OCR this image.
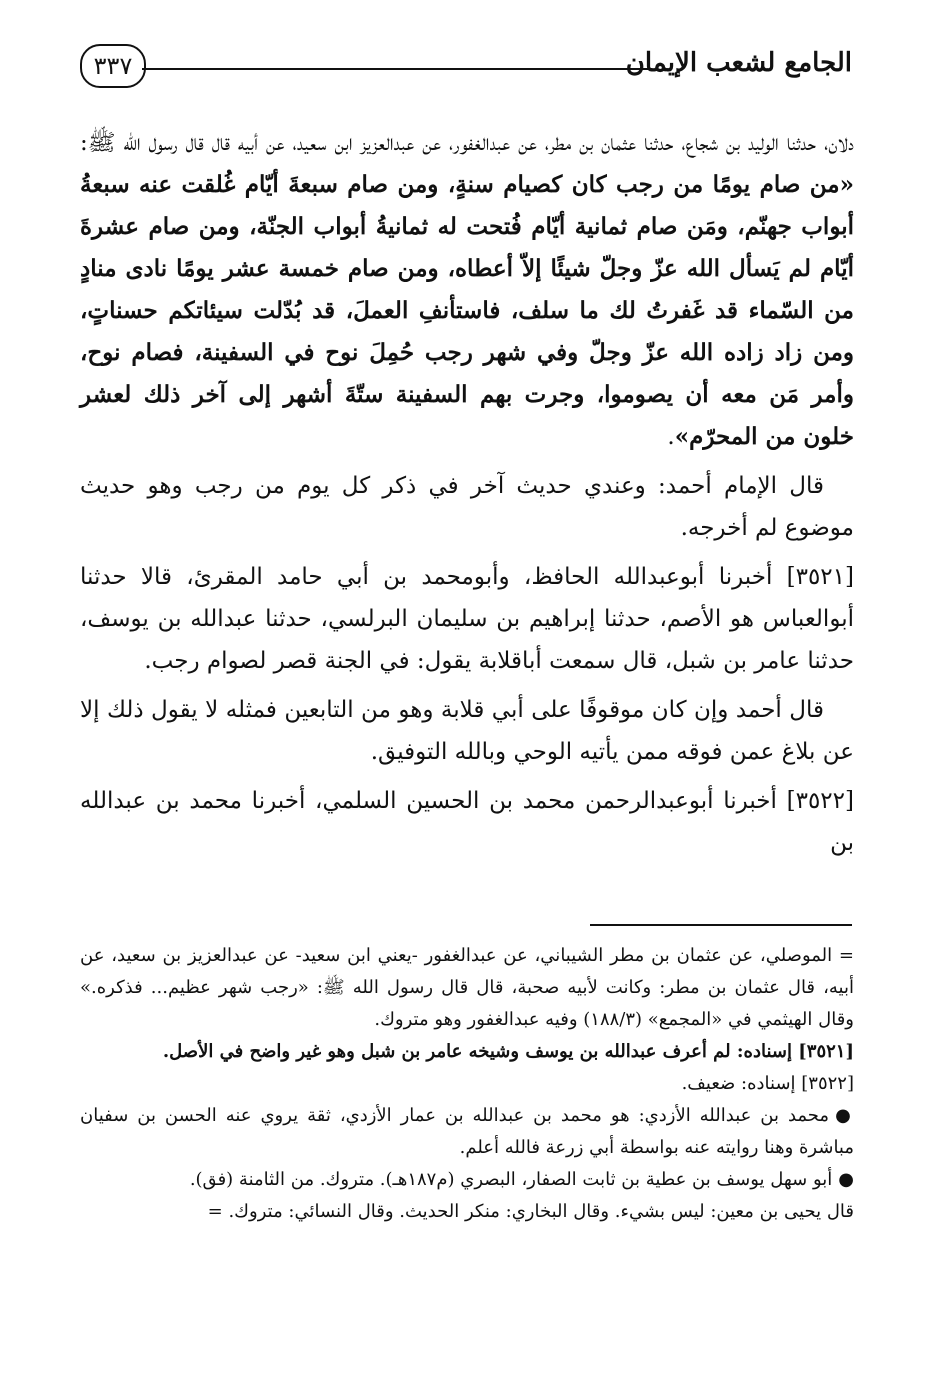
الجامع لشعب الإيمان
٣٣٧

دلان، حدثنا الوليد بن شجاع، حدثنا عثمان بن مطر، عن عبدالغفور، عن عبدالعزيز ابن سعيد، عن أبيه قال قال رسول الله ﷺ: «من صام يومًا من رجب كان كصيام سنةٍ، ومن صام سبعةَ أيّام غُلقت عنه سبعةُ أبواب جهنّم، ومَن صام ثمانية أيّام فُتحت له ثمانيةُ أبواب الجنّة، ومن صام عشرةَ أيّام لم يَسأل الله عزّ وجلّ شيئًا إلاّ أعطاه، ومن صام خمسة عشر يومًا نادى منادٍ من السّماء قد غَفرتُ لك ما سلف، فاستأنفِ العملَ، قد بُدّلت سيئاتكم حسناتٍ، ومن زاد زاده الله عزّ وجلّ وفي شهر رجب حُمِلَ نوح في السفينة، فصام نوح، وأمر مَن معه أن يصوموا، وجرت بهم السفينة ستّةَ أشهر إلى آخر ذلك لعشر خلون من المحرّم».

قال الإمام أحمد: وعندي حديث آخر في ذكر كل يوم من رجب وهو حديث موضوع لم أخرجه.

[٣٥٢١] أخبرنا أبوعبدالله الحافظ، وأبومحمد بن أبي حامد المقرئ، قالا حدثنا أبوالعباس هو الأصم، حدثنا إبراهيم بن سليمان البرلسي، حدثنا عبدالله بن يوسف، حدثنا عامر بن شبل، قال سمعت أباقلابة يقول: في الجنة قصر لصوام رجب.

قال أحمد وإن كان موقوفًا على أبي قلابة وهو من التابعين فمثله لا يقول ذلك إلا عن بلاغ عمن فوقه ممن يأتيه الوحي وبالله التوفيق.

[٣٥٢٢] أخبرنا أبوعبدالرحمن محمد بن الحسين السلمي، أخبرنا محمد بن عبدالله بن

= الموصلي، عن عثمان بن مطر الشيباني، عن عبدالغفور -يعني ابن سعيد- عن عبدالعزيز بن سعيد، عن أبيه، قال عثمان بن مطر: وكانت لأبيه صحبة، قال قال رسول الله ﷺ: «رجب شهر عظيم... فذكره.» وقال الهيثمي في «المجمع» (١٨٨/٣) وفيه عبدالغفور وهو متروك.

[٣٥٢١] إسناده: لم أعرف عبدالله بن يوسف وشيخه عامر بن شبل وهو غير واضح في الأصل.

[٣٥٢٢] إسناده: ضعيف.

●محمد بن عبدالله الأزدي: هو محمد بن عبدالله بن عمار الأزدي، ثقة يروي عنه الحسن بن سفيان مباشرة وهنا روايته عنه بواسطة أبي زرعة فالله أعلم.

●أبو سهل يوسف بن عطية بن ثابت الصفار، البصري (م١٨٧هـ). متروك. من الثامنة (فق).

قال يحيى بن معين: ليس بشيء. وقال البخاري: منكر الحديث. وقال النسائي: متروك. =
